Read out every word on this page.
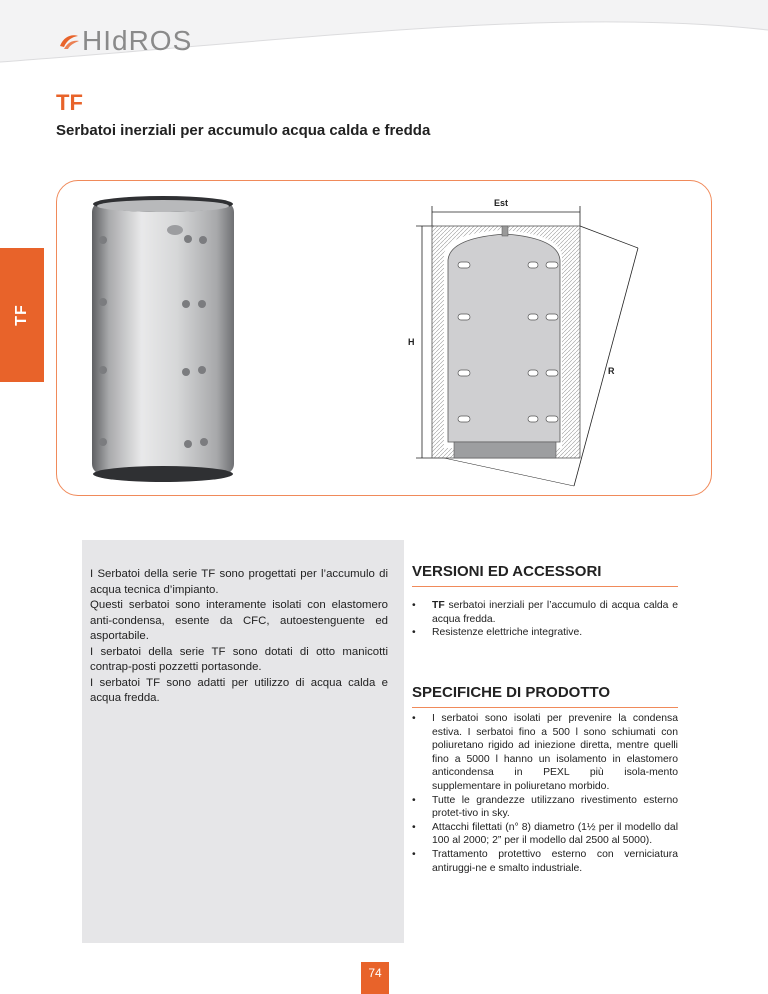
HIdROS
TF
Serbatoi inerziali per accumulo acqua calda e fredda
TF
Est
H
R

I Serbatoi della serie TF sono progettati per l’accumulo di acqua tecnica d’impianto.

Questi serbatoi sono interamente isolati con elastomero anti-condensa, esente da CFC, autoestenguente ed asportabile.

I serbatoi della serie TF sono dotati di otto manicotti contrap-posti pozzetti portasonde.

I serbatoi TF sono adatti per utilizzo di acqua calda e acqua fredda.

VERSIONI ED ACCESSORI
• TF serbatoi inerziali per l’accumulo di acqua calda e acqua fredda.
• Resistenze elettriche integrative.
SPECIFICHE DI PRODOTTO
• I serbatoi sono isolati per prevenire la condensa estiva. I serbatoi fino a 500 l sono schiumati con poliuretano rigido ad iniezione diretta, mentre quelli fino a 5000 l hanno un isolamento in elastomero anticondensa in PEXL più isola-mento supplementare in poliuretano morbido.
• Tutte le grandezze utilizzano rivestimento esterno protet-tivo in sky.
• Attacchi filettati (n° 8) diametro (1½ per il modello dal 100 al 2000; 2” per il modello dal 2500 al 5000).
• Trattamento protettivo esterno con verniciatura antiruggi-ne e smalto industriale.
74
